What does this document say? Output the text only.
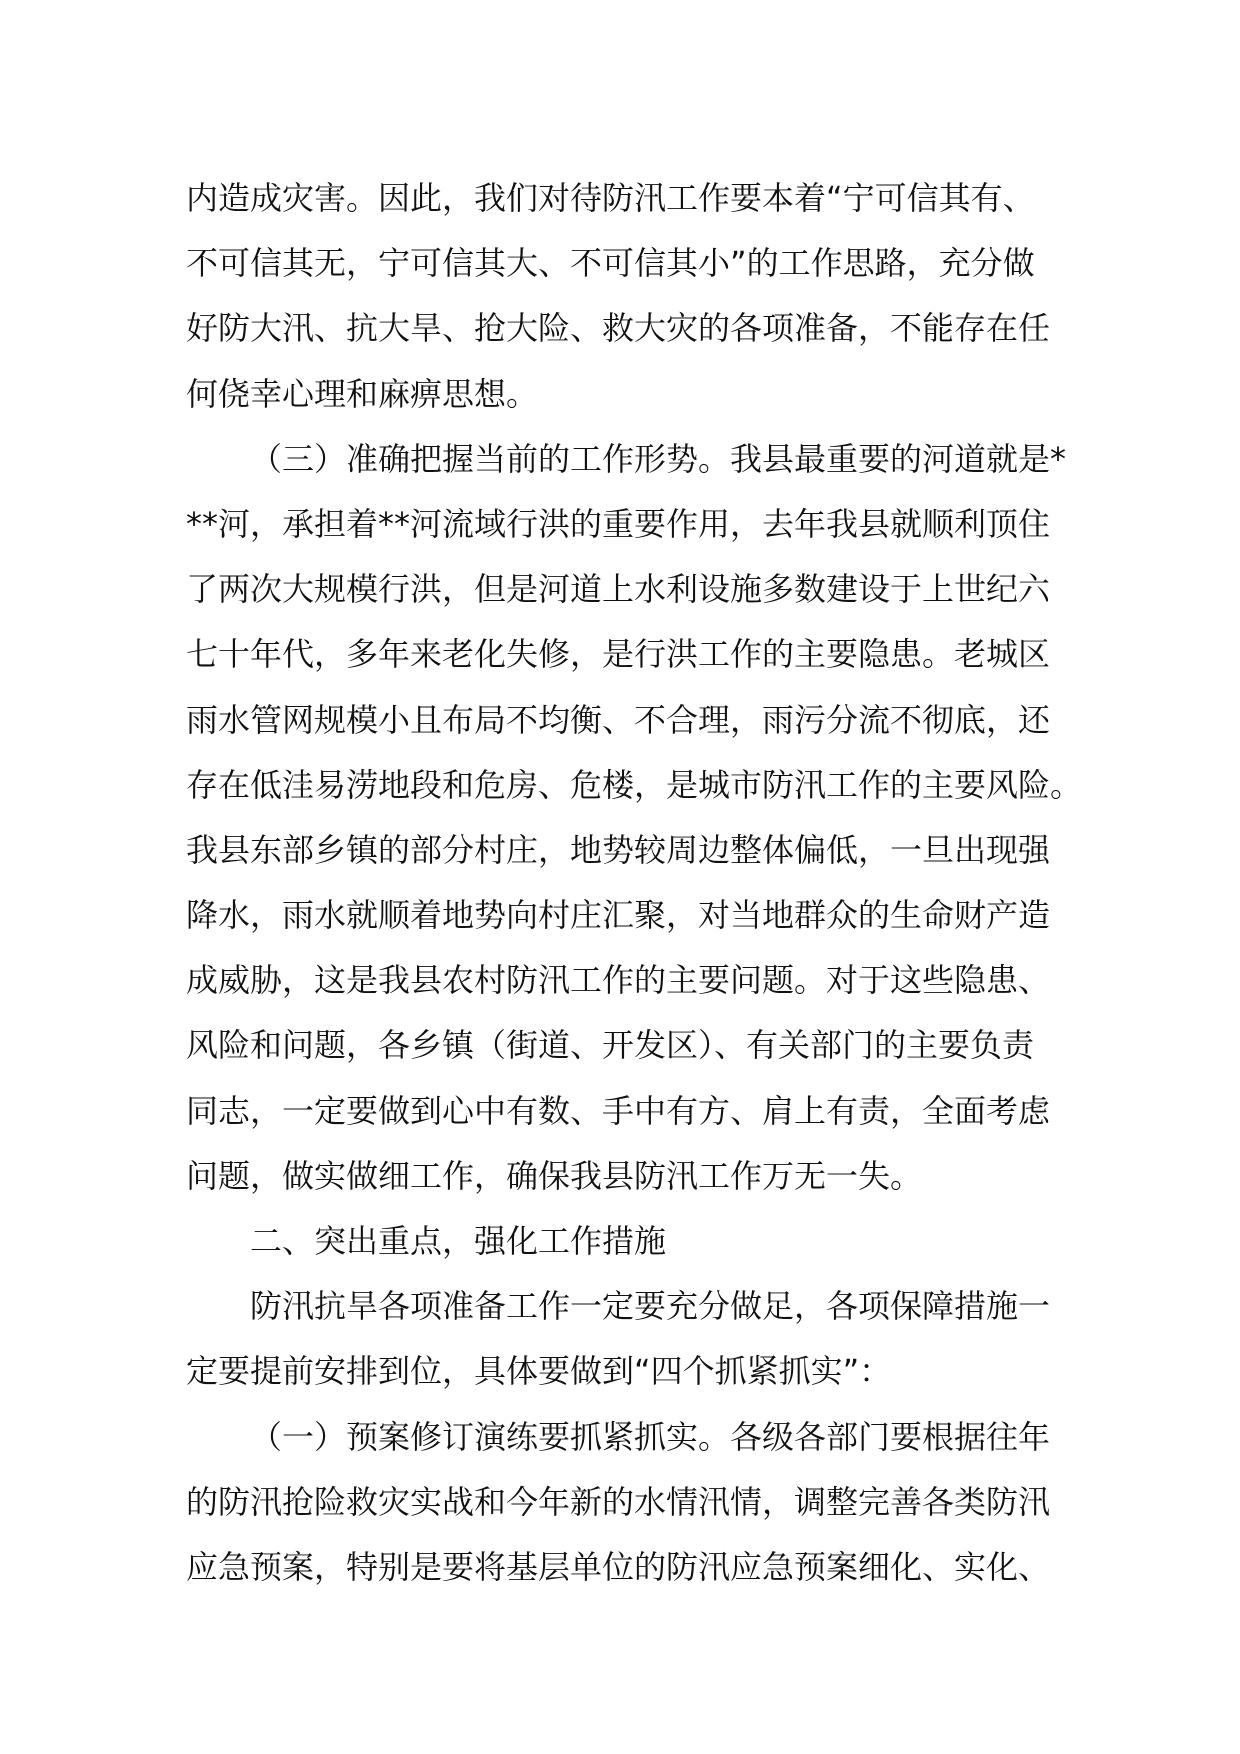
内造成灾害。因此，我们对待防汛工作要本着“宁可信其有、
不可信其无，宁可信其大、不可信其小”的工作思路，充分做
好防大汛、抗大旱、抢大险、救大灾的各项准备，不能存在任
何侥幸心理和麻痹思想。
（三）准确把握当前的工作形势。我县最重要的河道就是*
**河，承担着**河流域行洪的重要作用，去年我县就顺利顶住
了两次大规模行洪，但是河道上水利设施多数建设于上世纪六
七十年代，多年来老化失修，是行洪工作的主要隐患。老城区
雨水管网规模小且布局不均衡、不合理，雨污分流不彻底，还
存在低洼易涝地段和危房、危楼，是城市防汛工作的主要风险。
我县东部乡镇的部分村庄，地势较周边整体偏低，一旦出现强
降水，雨水就顺着地势向村庄汇聚，对当地群众的生命财产造
成威胁，这是我县农村防汛工作的主要问题。对于这些隐患、
风险和问题，各乡镇（街道、开发区）、有关部门的主要负责
同志，一定要做到心中有数、手中有方、肩上有责，全面考虑
问题，做实做细工作，确保我县防汛工作万无一失。
二、突出重点，强化工作措施
防汛抗旱各项准备工作一定要充分做足，各项保障措施一
定要提前安排到位，具体要做到“四个抓紧抓实”：
（一）预案修订演练要抓紧抓实。各级各部门要根据往年
的防汛抢险救灾实战和今年新的水情汛情，调整完善各类防汛
应急预案，特别是要将基层单位的防汛应急预案细化、实化、
